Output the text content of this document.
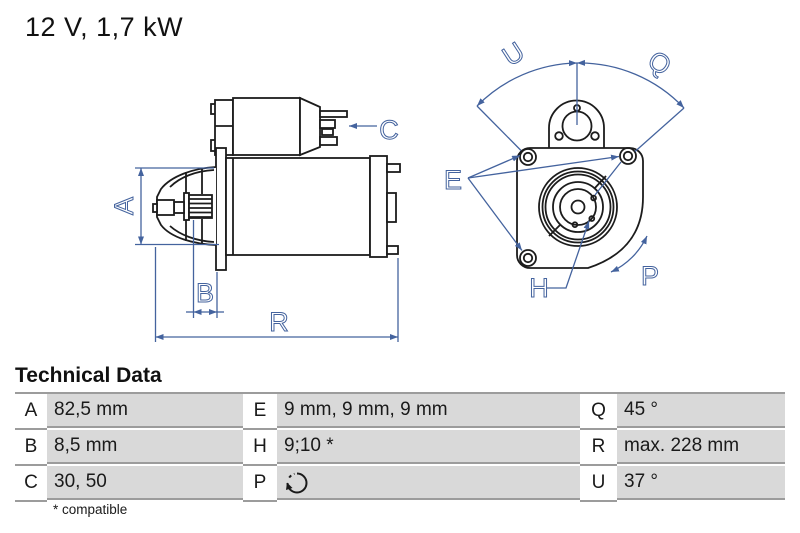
12 V, 1,7 kW
A
B
R
C
U	Q
E
H	P
Technical Data
A 82,5 mm	E 9 mm, 9 mm, 9 mm	Q 45 °
B 8,5 mm	H 9;10 *	R max. 228 mm
C 30, 50	P	U 37 °
* compatible
